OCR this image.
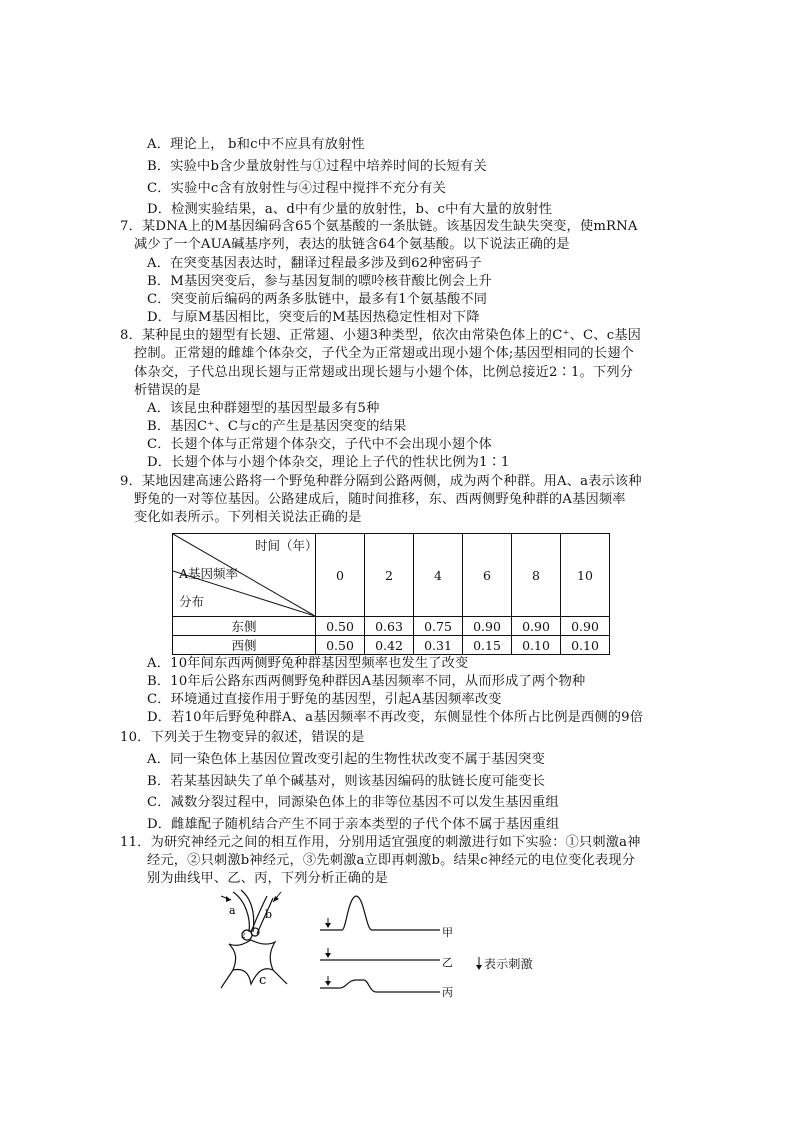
A．理论上， b和c中不应具有放射性
B．实验中b含少量放射性与①过程中培养时间的长短有关
C．实验中c含有放射性与④过程中搅拌不充分有关
D．检测实验结果，a、d中有少量的放射性，b、c中有大量的放射性
7．某DNA上的M基因编码含65个氨基酸的一条肽链。该基因发生缺失突变，使mRNA
减少了一个AUA碱基序列，表达的肽链含64个氨基酸。以下说法正确的是
A．在突变基因表达时，翻译过程最多涉及到62种密码子
B．M基因突变后，参与基因复制的嘌呤核苷酸比例会上升
C．突变前后编码的两条多肽链中，最多有1个氨基酸不同
D．与原M基因相比，突变后的M基因热稳定性相对下降
8．某种昆虫的翅型有长翅、正常翅、小翅3种类型，依次由常染色体上的C⁺、C、c基因
控制。正常翅的雌雄个体杂交，子代全为正常翅或出现小翅个体;基因型相同的长翅个
体杂交，子代总出现长翅与正常翅或出现长翅与小翅个体，比例总接近2∶1。下列分
析错误的是
A．该昆虫种群翅型的基因型最多有5种
B．基因C⁺、C与c的产生是基因突变的结果
C．长翅个体与正常翅个体杂交，子代中不会出现小翅个体
D．长翅个体与小翅个体杂交，理论上子代的性状比例为1∶1
9．某地因建高速公路将一个野兔种群分隔到公路两侧，成为两个种群。用A、a表示该种
野兔的一对等位基因。公路建成后，随时间推移，东、西两侧野兔种群的A基因频率
变化如表所示。下列相关说法正确的是
时间（年）
A基因频率
分布	0	2	4	6	8	10
东侧	0.50	0.63	0.75	0.90	0.90	0.90
西侧	0.50	0.42	0.31	0.15	0.10	0.10
A．10年间东西两侧野兔种群基因型频率也发生了改变
B．10年后公路东西两侧野兔种群因A基因频率不同，从而形成了两个物种
C．环境通过直接作用于野兔的基因型，引起A基因频率改变
D．若10年后野兔种群A、a基因频率不再改变，东侧显性个体所占比例是西侧的9倍
10．下列关于生物变异的叙述，错误的是
A．同一染色体上基因位置改变引起的生物性状改变不属于基因突变
B．若某基因缺失了单个碱基对，则该基因编码的肽链长度可能变长
C．减数分裂过程中，同源染色体上的非等位基因不可以发生基因重组
D．雌雄配子随机结合产生不同于亲本类型的子代个体不属于基因重组
11．为研究神经元之间的相互作用，分别用适宜强度的刺激进行如下实验：①只刺激a神
经元，②只刺激b神经元，③先刺激a立即再刺激b。结果c神经元的电位变化表现分
别为曲线甲、乙、丙，下列分析正确的是
a	b
c
2	甲
乙
丙
表示刺激
